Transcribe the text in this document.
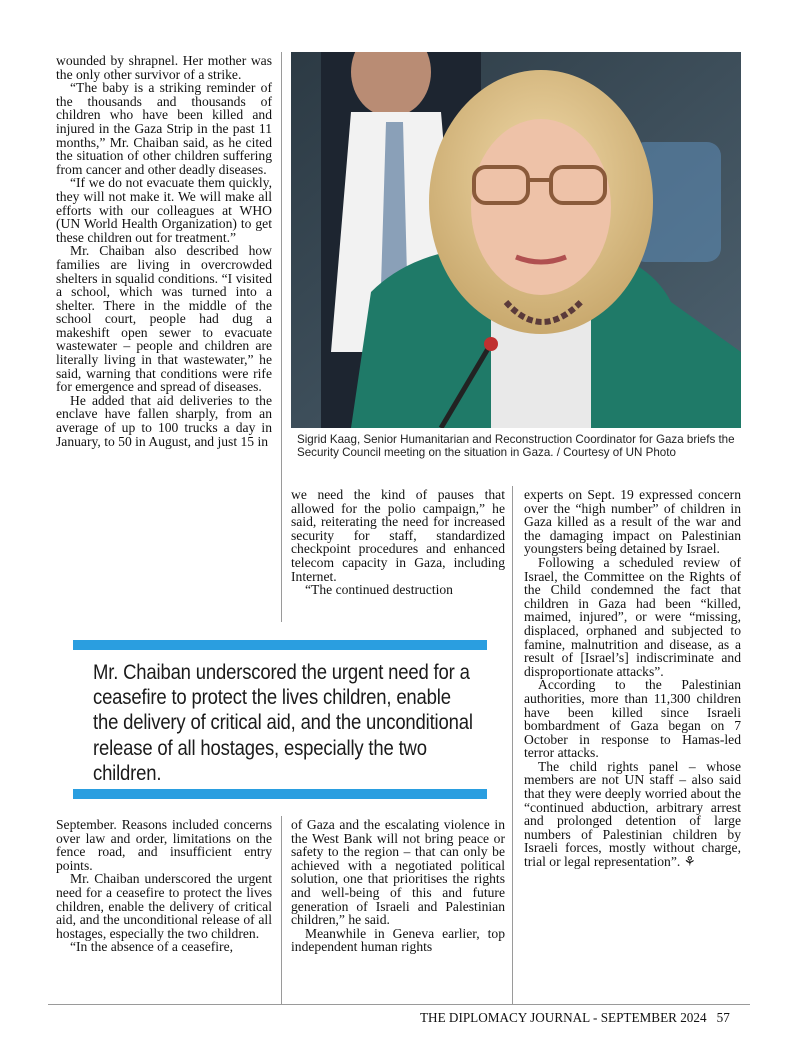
wounded by shrapnel. Her mother was the only other survivor of a strike.

“The baby is a striking reminder of the thousands and thousands of children who have been killed and injured in the Gaza Strip in the past 11 months,” Mr. Chaiban said, as he cited the situation of other children suffering from cancer and other deadly diseases.

“If we do not evacuate them quickly, they will not make it. We will make all efforts with our colleagues at WHO (UN World Health Organization) to get these children out for treatment.”

Mr. Chaiban also described how families are living in overcrowded shelters in squalid conditions. “I visited a school, which was turned into a shelter. There in the middle of the school court, people had dug a makeshift open sewer to evacuate wastewater – people and children are literally living in that wastewater,” he said, warning that conditions were rife for emergence and spread of diseases.

He added that aid deliveries to the enclave have fallen sharply, from an average of up to 100 trucks a day in January, to 50 in August, and just 15 in	Sigrid Kaag, Senior Humanitarian and Reconstruction Coordinator for Gaza briefs the Security Council meeting on the situation in Gaza. / Courtesy of UN Photo

we need the kind of pauses that allowed for the polio campaign,” he said, reiterating the need for increased security for staff, standardized checkpoint procedures and enhanced telecom capacity in Gaza, including Internet.

“The continued destruction

experts on Sept. 19 expressed concern over the “high number” of children in Gaza killed as a result of the war and the damaging impact on Palestinian youngsters being detained by Israel.

Following a scheduled review of Israel, the Committee on the Rights of the Child condemned the fact that children in Gaza had been “killed, maimed, injured”, or were “missing, displaced, orphaned and subjected to famine, malnutrition and disease, as a result of [Israel’s] indiscriminate and disproportionate attacks”.

According to the Palestinian authorities, more than 11,300 children have been killed since Israeli bombardment of Gaza began on 7 October in response to Hamas-led terror attacks.

The child rights panel – whose members are not UN staff – also said that they were deeply worried about the “continued abduction, arbitrary arrest and prolonged detention of large numbers of Palestinian children by Israeli forces, mostly without charge, trial or legal representation”. ⚘

Mr. Chaiban underscored the urgent need for a ceasefire to protect the lives children, enable the delivery of critical aid, and the unconditional release of all hostages, especially the two children.

September. Reasons included concerns over law and order, limitations on the fence road, and insufficient entry points.

Mr. Chaiban underscored the urgent need for a ceasefire to protect the lives children, enable the delivery of critical aid, and the unconditional release of all hostages, especially the two children.

“In the absence of a ceasefire,

of Gaza and the escalating violence in the West Bank will not bring peace or safety to the region – that can only be achieved with a negotiated political solution, one that prioritises the rights and well-being of this and future generation of Israeli and Palestinian children,” he said.

Meanwhile in Geneva earlier, top independent human rights

THE DIPLOMACY JOURNAL - SEPTEMBER 2024 57
